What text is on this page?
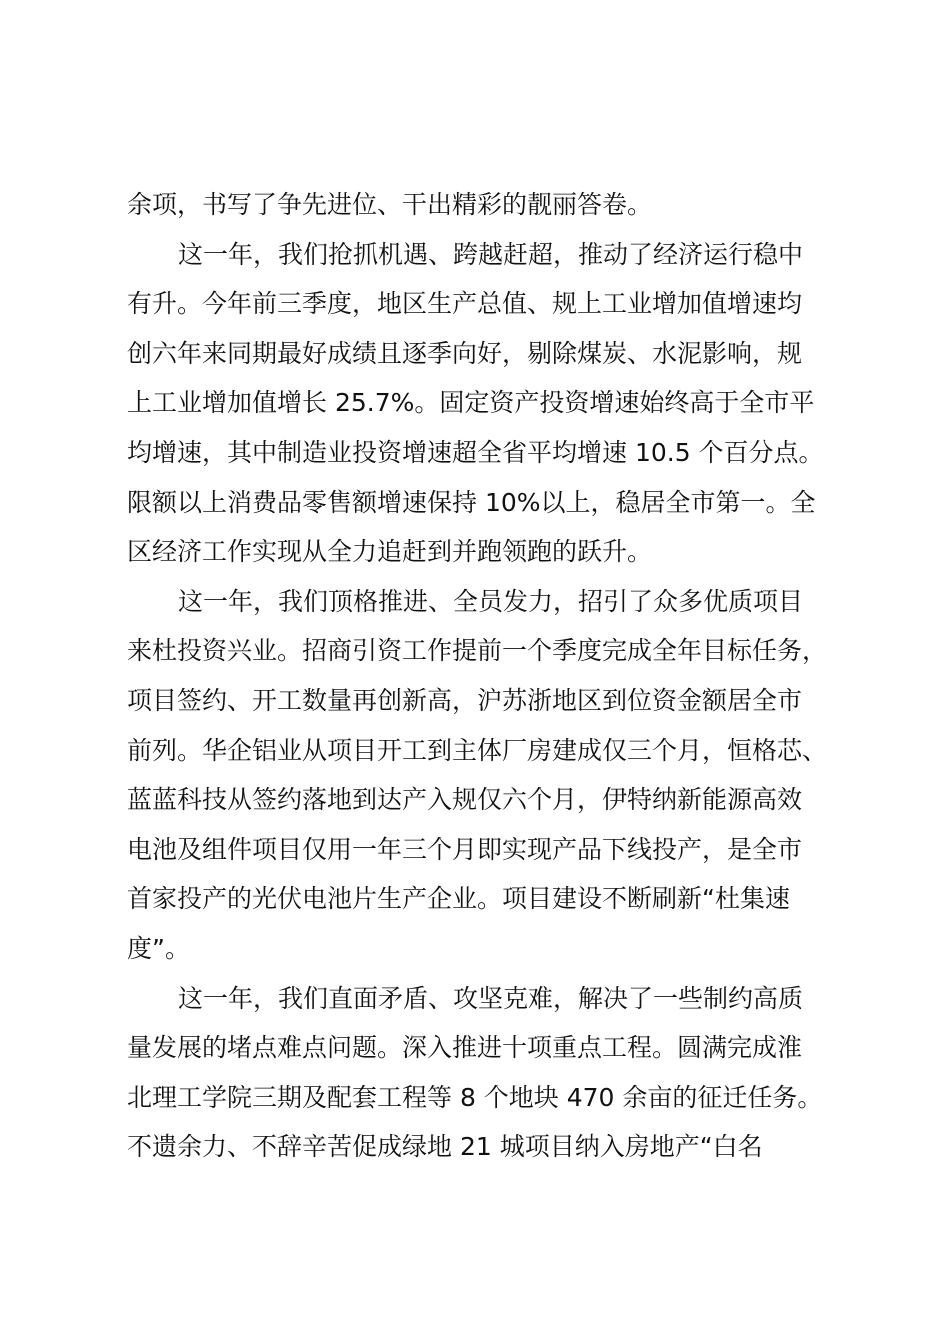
余项，书写了争先进位、干出精彩的靓丽答卷。
这一年，我们抢抓机遇、跨越赶超，推动了经济运行稳中
有升。今年前三季度，地区生产总值、规上工业增加值增速均
创六年来同期最好成绩且逐季向好，剔除煤炭、水泥影响，规
上工业增加值增长 25.7%。固定资产投资增速始终高于全市平
均增速，其中制造业投资增速超全省平均增速 10.5 个百分点。
限额以上消费品零售额增速保持 10%以上，稳居全市第一。全
区经济工作实现从全力追赶到并跑领跑的跃升。
这一年，我们顶格推进、全员发力，招引了众多优质项目
来杜投资兴业。招商引资工作提前一个季度完成全年目标任务，
项目签约、开工数量再创新高，沪苏浙地区到位资金额居全市
前列。华企铝业从项目开工到主体厂房建成仅三个月，恒格芯、
蓝蓝科技从签约落地到达产入规仅六个月，伊特纳新能源高效
电池及组件项目仅用一年三个月即实现产品下线投产，是全市
首家投产的光伏电池片生产企业。项目建设不断刷新“杜集速
度”。
这一年，我们直面矛盾、攻坚克难，解决了一些制约高质
量发展的堵点难点问题。深入推进十项重点工程。圆满完成淮
北理工学院三期及配套工程等 8 个地块 470 余亩的征迁任务。
不遗余力、不辞辛苦促成绿地 21 城项目纳入房地产“白名
